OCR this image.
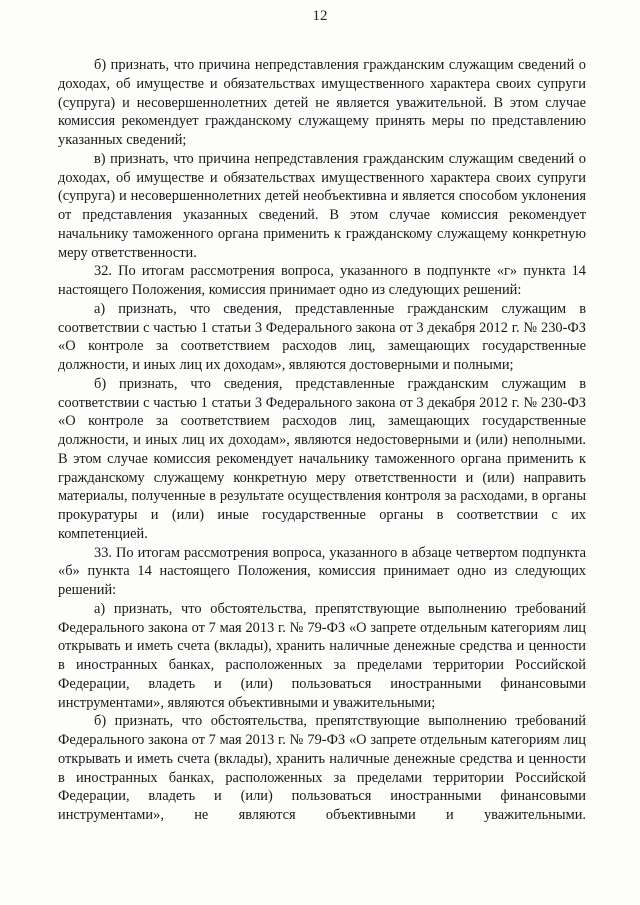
12

б) признать, что причина непредставления гражданским служащим сведений о доходах, об имуществе и обязательствах имущественного характера своих супруги (супруга) и несовершеннолетних детей не является уважительной. В этом случае комиссия рекомендует гражданскому служащему принять меры по представлению указанных сведений;

в) признать, что причина непредставления гражданским служащим сведений о доходах, об имуществе и обязательствах имущественного характера своих супруги (супруга) и несовершеннолетних детей необъективна и является способом уклонения от представления указанных сведений. В этом случае комиссия рекомендует начальнику таможенного органа применить к гражданскому служащему конкретную меру ответственности.

32. По итогам рассмотрения вопроса, указанного в подпункте «г» пункта 14 настоящего Положения, комиссия принимает одно из следующих решений:

а) признать, что сведения, представленные гражданским служащим в соответствии с частью 1 статьи 3 Федерального закона от 3 декабря 2012 г. № 230-ФЗ «О контроле за соответствием расходов лиц, замещающих государственные должности, и иных лиц их доходам», являются достоверными и полными;

б) признать, что сведения, представленные гражданским служащим в соответствии с частью 1 статьи 3 Федерального закона от 3 декабря 2012 г. № 230-ФЗ «О контроле за соответствием расходов лиц, замещающих государственные должности, и иных лиц их доходам», являются недостоверными и (или) неполными. В этом случае комиссия рекомендует начальнику таможенного органа применить к гражданскому служащему конкретную меру ответственности и (или) направить материалы, полученные в результате осуществления контроля за расходами, в органы прокуратуры и (или) иные государственные органы в соответствии с их компетенцией.

33. По итогам рассмотрения вопроса, указанного в абзаце четвертом подпункта «б» пункта 14 настоящего Положения, комиссия принимает одно из следующих решений:

а) признать, что обстоятельства, препятствующие выполнению требований Федерального закона от 7 мая 2013 г. № 79-ФЗ «О запрете отдельным категориям лиц открывать и иметь счета (вклады), хранить наличные денежные средства и ценности в иностранных банках, расположенных за пределами территории Российской Федерации, владеть и (или) пользоваться иностранными финансовыми инструментами», являются объективными и уважительными;

б) признать, что обстоятельства, препятствующие выполнению требований Федерального закона от 7 мая 2013 г. № 79-ФЗ «О запрете отдельным категориям лиц открывать и иметь счета (вклады), хранить наличные денежные средства и ценности в иностранных банках, расположенных за пределами территории Российской Федерации, владеть и (или) пользоваться иностранными финансовыми инструментами», не являются объективными и уважительными.
